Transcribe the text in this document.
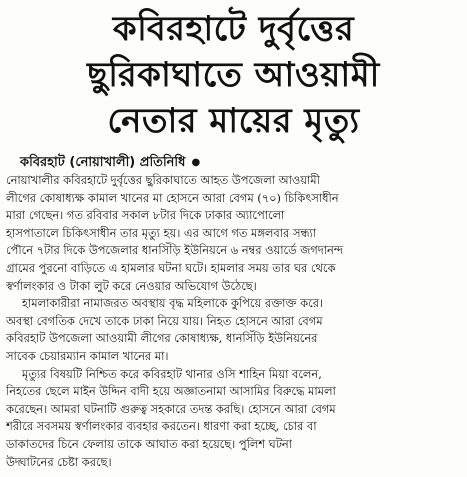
কবিরহাটে দুর্বৃত্তের
ছুরিকাঘাতে আওয়ামী
নেতার মায়ের মৃত্যু
কবিরহাট (নোয়াখালী) প্রতিনিধি ●
নোয়াখালীর কবিরহাটে দুর্বৃত্তের ছুরিকাঘাতে আহত উপজেলা আওয়ামী
লীগের কোষাধ্যক্ষ কামাল খানের মা হোসনে আরা বেগম (৭০) চিকিৎসাধীন
মারা গেছেন। গত রবিবার সকাল ৮টার দিকে ঢাকার অ্যাপোলো
হাসপাতালে চিকিৎসাধীন তার মৃত্যু হয়। এর আগে গত মঙ্গলবার সন্ধ্যা
পৌনে ৭টার দিকে উপজেলার ধানসিঁড়ি ইউনিয়নে ৬ নম্বর ওয়ার্ডে জগদানন্দ
গ্রামের পুরনো বাড়িতে এ হামলার ঘটনা ঘটে। হামলার সময় তার ঘর থেকে
স্বর্ণালংকার ও টাকা লুট করে নেওয়ার অভিযোগ উঠেছে।
হামলাকারীরা নামাজরত অবস্থায় বৃদ্ধ মহিলাকে কুপিয়ে রক্তাক্ত করে।
অবস্থা বেগতিক দেখে তাকে ঢাকা নিয়ে যায়। নিহত হোসনে আরা বেগম
কবিরহাট উপজেলা আওয়ামী লীগের কোষাধ্যক্ষ, ধানসিঁড়ি ইউনিয়নের
সাবেক চেয়ারম্যান কামাল খানের মা।
মৃত্যুর বিষয়টি নিশ্চিত করে কবিরহাট থানার ওসি শাহিন মিয়া বলেন,
নিহতের ছেলে মাইন উদ্দিন বাদী হয়ে অজ্ঞাতনামা আসামির বিরুদ্ধে মামলা
করেছেন। আমরা ঘটনাটি গুরুত্ব সহকারে তদন্ত করছি। হোসনে আরা বেগম
শরীরে সবসময় স্বর্ণালংকার ব্যবহার করতেন। ধারণা করা হচ্ছে, চোর বা
ডাকাতদের চিনে ফেলায় তাকে আঘাত করা হয়েছে। পুলিশ ঘটনা
উদ্ঘাটনের চেষ্টা করছে।
